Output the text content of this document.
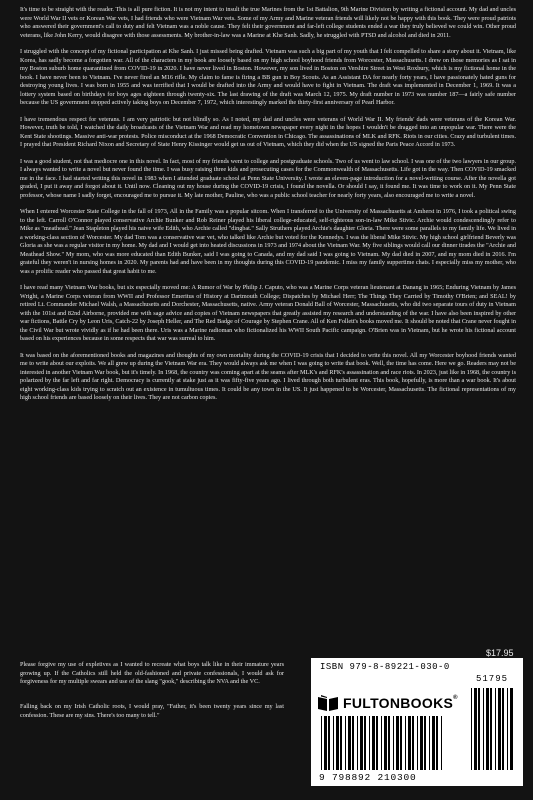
It's time to be straight with the reader. This is all pure fiction. It is not my intent to insult the true Marines from the 1st Battalion, 9th Marine Division by writing a fictional account. My dad and uncles were World War II vets or Korean War vets, I had friends who were Vietnam War vets. Some of my Army and Marine veteran friends will likely not be happy with this book. They were proud patriots who answered their government's call to duty and felt Vietnam was a noble cause. They felt their government and far-left college students ended a war they truly believed we could win. Other proud veterans, like John Kerry, would disagree with those assessments. My brother-in-law was a Marine at Khe Sanh. Sadly, he struggled with PTSD and alcohol and died in 2011.

I struggled with the concept of my fictional participation at Khe Sanh. I just missed being drafted. Vietnam was such a big part of my youth that I felt compelled to share a story about it. Vietnam, like Korea, has sadly become a forgotten war. All of the characters in my book are loosely based on my high school boyhood friends from Worcester, Massachusetts. I drew on those memories as I sat in my Boston suburb home quarantined from COVID-19 in 2020. I have never lived in Boston. However, my son lived in Boston on Vershire Street in West Roxbury, which is my fictional home in the book. I have never been to Vietnam. I've never fired an M16 rifle. My claim to fame is firing a BB gun in Boy Scouts. As an Assistant DA for nearly forty years, I have passionately hated guns for destroying young lives. I was born in 1955 and was terrified that I would be drafted into the Army and would have to fight in Vietnam. The draft was implemented in December 1, 1969. It was a lottery system based on birthdays for boys ages eighteen through twenty-six. The last drawing of the draft was March 12, 1975. My draft number in 1973 was number 187—a fairly safe number because the US government stopped actively taking boys on December 7, 1972, which interestingly marked the thirty-first anniversary of Pearl Harbor.

I have tremendous respect for veterans. I am very patriotic but not blindly so. As I noted, my dad and uncles were veterans of World War II. My friends' dads were veterans of the Korean War. However, truth be told, I watched the daily broadcasts of the Vietnam War and read my hometown newspaper every night in the hopes I wouldn't be dragged into an unpopular war. There were the Kent State shootings. Massive anti-war protests. Police misconduct at the 1968 Democratic Convention in Chicago. The assassinations of MLK and RFK. Riots in our cities. Crazy and turbulent times. I prayed that President Richard Nixon and Secretary of State Henry Kissinger would get us out of Vietnam, which they did when the US signed the Paris Peace Accord in 1973.

I was a good student, not that mediocre one in this novel. In fact, most of my friends went to college and postgraduate schools. Two of us went to law school. I was one of the two lawyers in our group. I always wanted to write a novel but never found the time. I was busy raising three kids and prosecuting cases for the Commonwealth of Massachusetts. Life got in the way. Then COVID-19 smacked me in the face. I had started writing this novel in 1983 when I attended graduate school at Penn State University. I wrote an eleven-page introduction for a novel-writing course. After the novella got graded, I put it away and forgot about it. Until now. Cleaning out my house during the COVID-19 crisis, I found the novella. Or should I say, it found me. It was time to work on it. My Penn State professor, whose name I sadly forget, encouraged me to pursue it. My late mother, Pauline, who was a public school teacher for nearly forty years, also encouraged me to write a novel.

When I entered Worcester State College in the fall of 1973, All in the Family was a popular sitcom. When I transferred to the University of Massachusetts at Amherst in 1976, I took a political swing to the left. Carroll O'Connor played conservative Archie Bunker and Rob Reiner played his liberal college-educated, self-righteous son-in-law Mike Stivic. Archie would condescendingly refer to Mike as "meathead." Jean Stapleton played his naive wife Edith, who Archie called "dingbat." Sally Struthers played Archie's daughter Gloria. There were some parallels to my family life. We lived in a working-class section of Worcester. My dad Tom was a conservative war vet, who talked like Archie but voted for the Kennedys. I was the liberal Mike Stivic. My high school girlfriend Beverly was Gloria as she was a regular visitor in my home. My dad and I would get into heated discussions in 1973 and 1974 about the Vietnam War. My five siblings would call our dinner tirades the "Archie and Meathead Show." My mom, who was more educated than Edith Bunker, said I was going to Canada, and my dad said I was going to Vietnam. My dad died in 2007, and my mom died in 2016. I'm grateful they weren't in nursing homes in 2020. My parents had and have been in my thoughts during this COVID-19 pandemic. I miss my family suppertime chats. I especially miss my mother, who was a prolific reader who passed that great habit to me.

I have read many Vietnam War books, but six especially moved me: A Rumor of War by Philip J. Caputo, who was a Marine Corps veteran lieutenant at Danang in 1965; Enduring Vietnam by James Wright, a Marine Corps veteran from WWII and Professor Emeritus of History at Dartmouth College; Dispatches by Michael Herr; The Things They Carried by Timothy O'Brien; and SEAL! by retired Lt. Commander Michael Walsh, a Massachusetts and Dorchester, Massachusetts, native. Army veteran Donald Ball of Worcester, Massachusetts, who did two separate tours of duty in Vietnam with the 101st and 82nd Airborne, provided me with sage advice and copies of Vietnam newspapers that greatly assisted my research and understanding of the war. I have also been inspired by other war fictions, Battle Cry by Leon Uris, Catch-22 by Joseph Heller, and The Red Badge of Courage by Stephen Crane. All of Ken Follett's books moved me. It should be noted that Crane never fought in the Civil War but wrote vividly as if he had been there. Uris was a Marine radioman who fictionalized his WWII South Pacific campaign. O'Brien was in Vietnam, but he wrote his fictional account based on his experiences because in some respects that war was surreal to him.

It was based on the aforementioned books and magazines and thoughts of my own mortality during the COVID-19 crisis that I decided to write this novel. All my Worcester boyhood friends wanted me to write about our exploits. We all grew up during the Vietnam War era. They would always ask me when I was going to write that book. Well, the time has come. Here we go. Readers may not be interested in another Vietnam War book, but it's timely. In 1968, the country was coming apart at the seams after MLK's and RFK's assassination and race riots. In 2023, just like in 1968, the country is polarized by the far left and far right. Democracy is currently at stake just as it was fifty-five years ago. I lived through both turbulent eras. This book, hopefully, is more than a war book. It's about eight working-class kids trying to scratch out an existence in tumultuous times. It could be any town in the US. It just happened to be Worcester, Massachusetts. The fictional representations of my high school friends are based loosely on their lives. They are not carbon copies.

Please forgive my use of expletives as I wanted to recreate what boys talk like in their immature years growing up. If the Catholics still held the old-fashioned and private confessionals, I would ask for forgiveness for my multiple swears and use of the slang "gook," describing the NVA and the VC.
Falling back on my Irish Catholic roots, I would pray, "Father, it's been twenty years since my last confession. These are my sins. There's too many to tell."
$17.95
ISBN 979-8-89221-030-0
51795
FULTONBOOKS®
9 798892 210300
